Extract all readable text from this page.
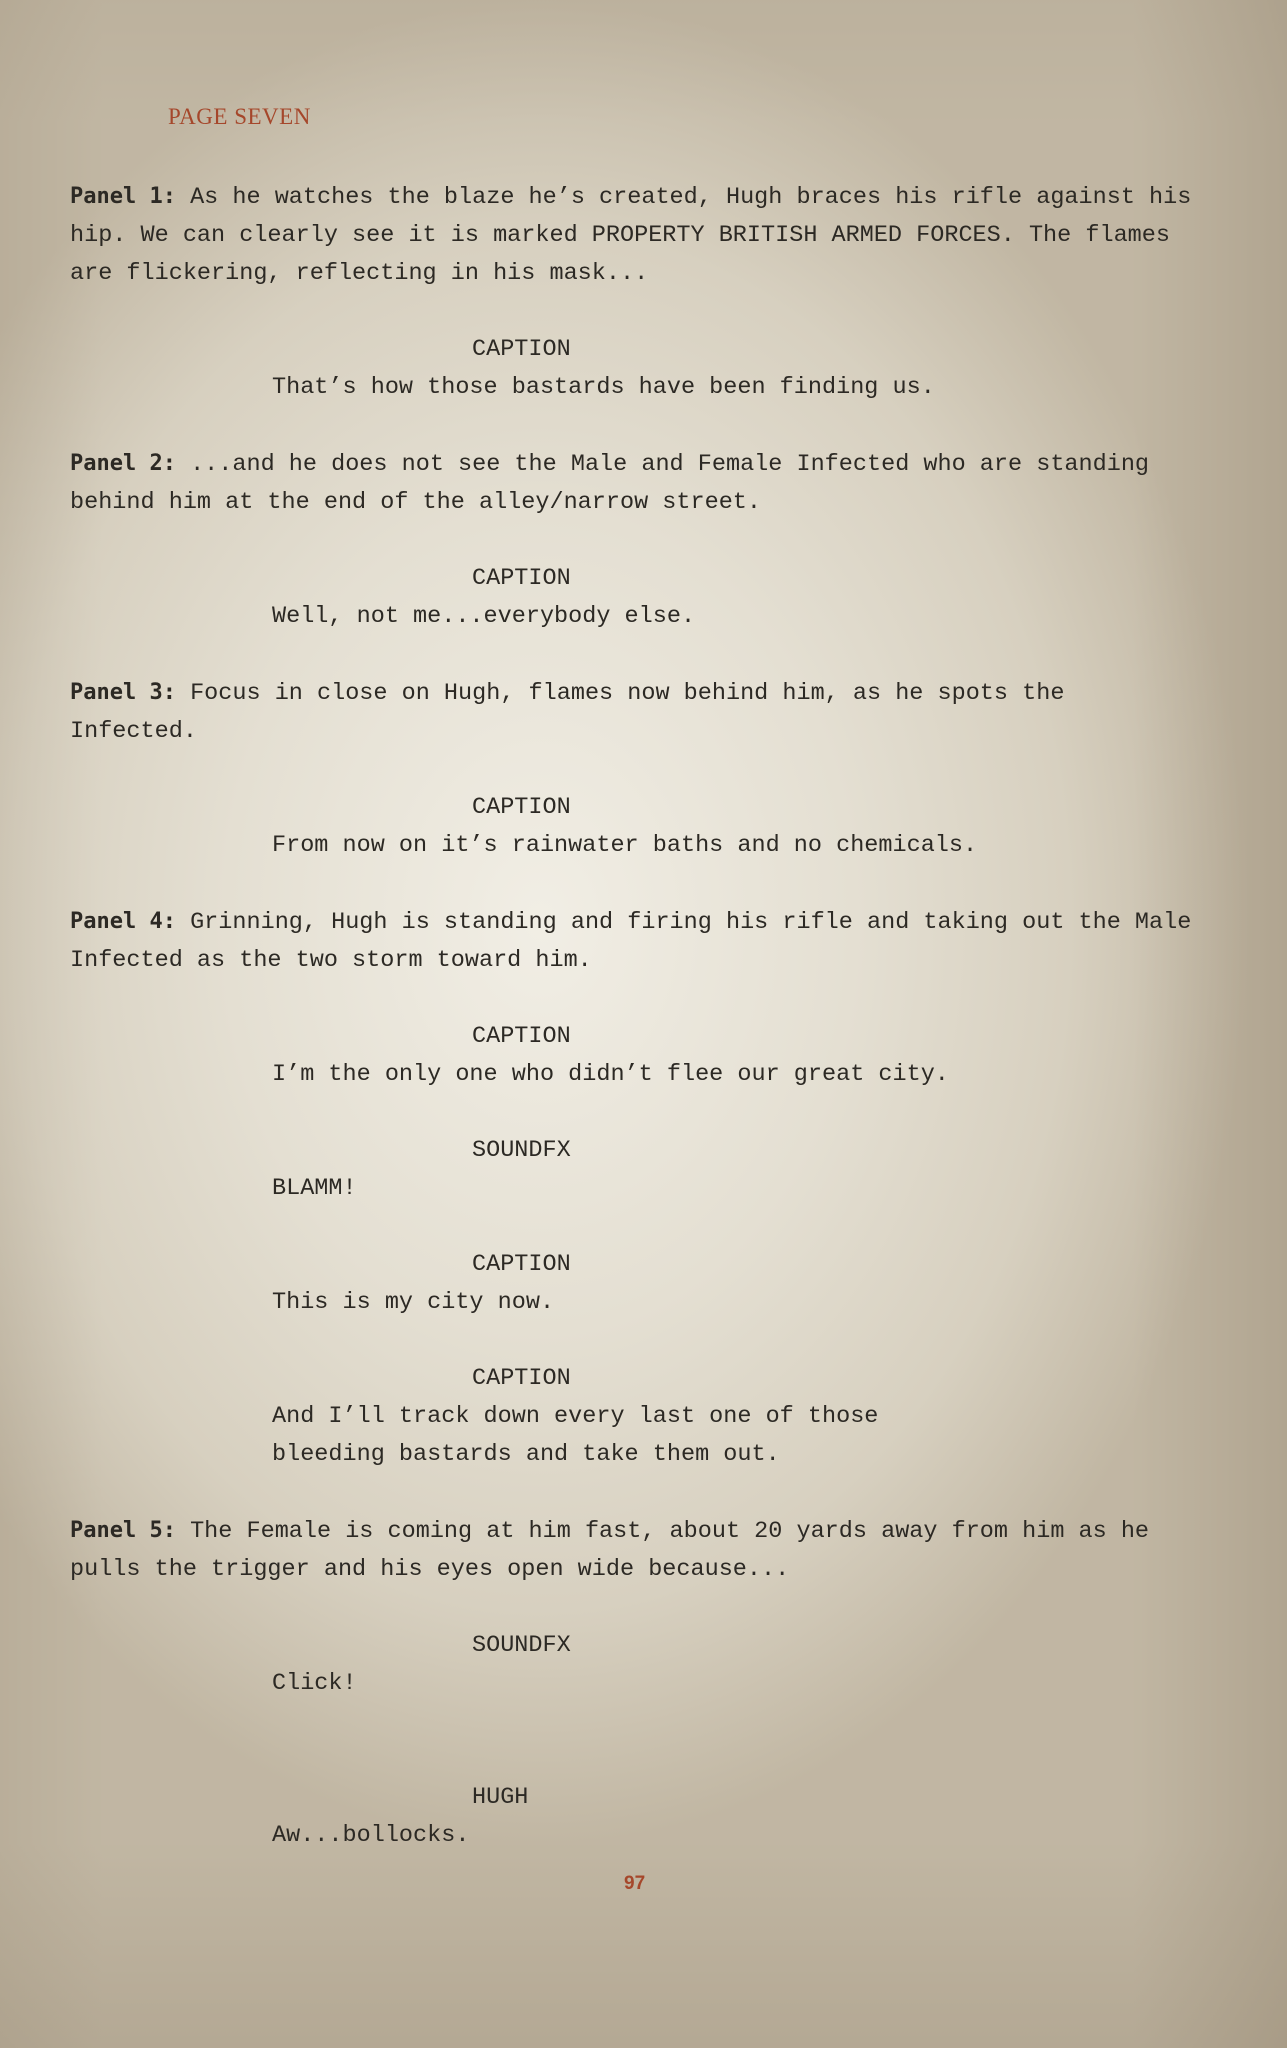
PAGE SEVEN
Panel 1: As he watches the blaze he’s created, Hugh braces his rifle against his hip. We can clearly see it is marked PROPERTY BRITISH ARMED FORCES. The flames are flickering, reflecting in his mask...
CAPTION
That’s how those bastards have been finding us.
Panel 2: ...and he does not see the Male and Female Infected who are standing behind him at the end of the alley/narrow street.
CAPTION
Well, not me...everybody else.
Panel 3: Focus in close on Hugh, flames now behind him, as he spots the Infected.
CAPTION
From now on it’s rainwater baths and no chemicals.
Panel 4: Grinning, Hugh is standing and firing his rifle and taking out the Male Infected as the two storm toward him.
CAPTION
I’m the only one who didn’t flee our great city.
SOUNDFX
BLAMM!
CAPTION
This is my city now.
CAPTION
And I’ll track down every last one of those bleeding bastards and take them out.
Panel 5: The Female is coming at him fast, about 20 yards away from him as he pulls the trigger and his eyes open wide because...
SOUNDFX
Click!
HUGH
Aw...bollocks.
97
